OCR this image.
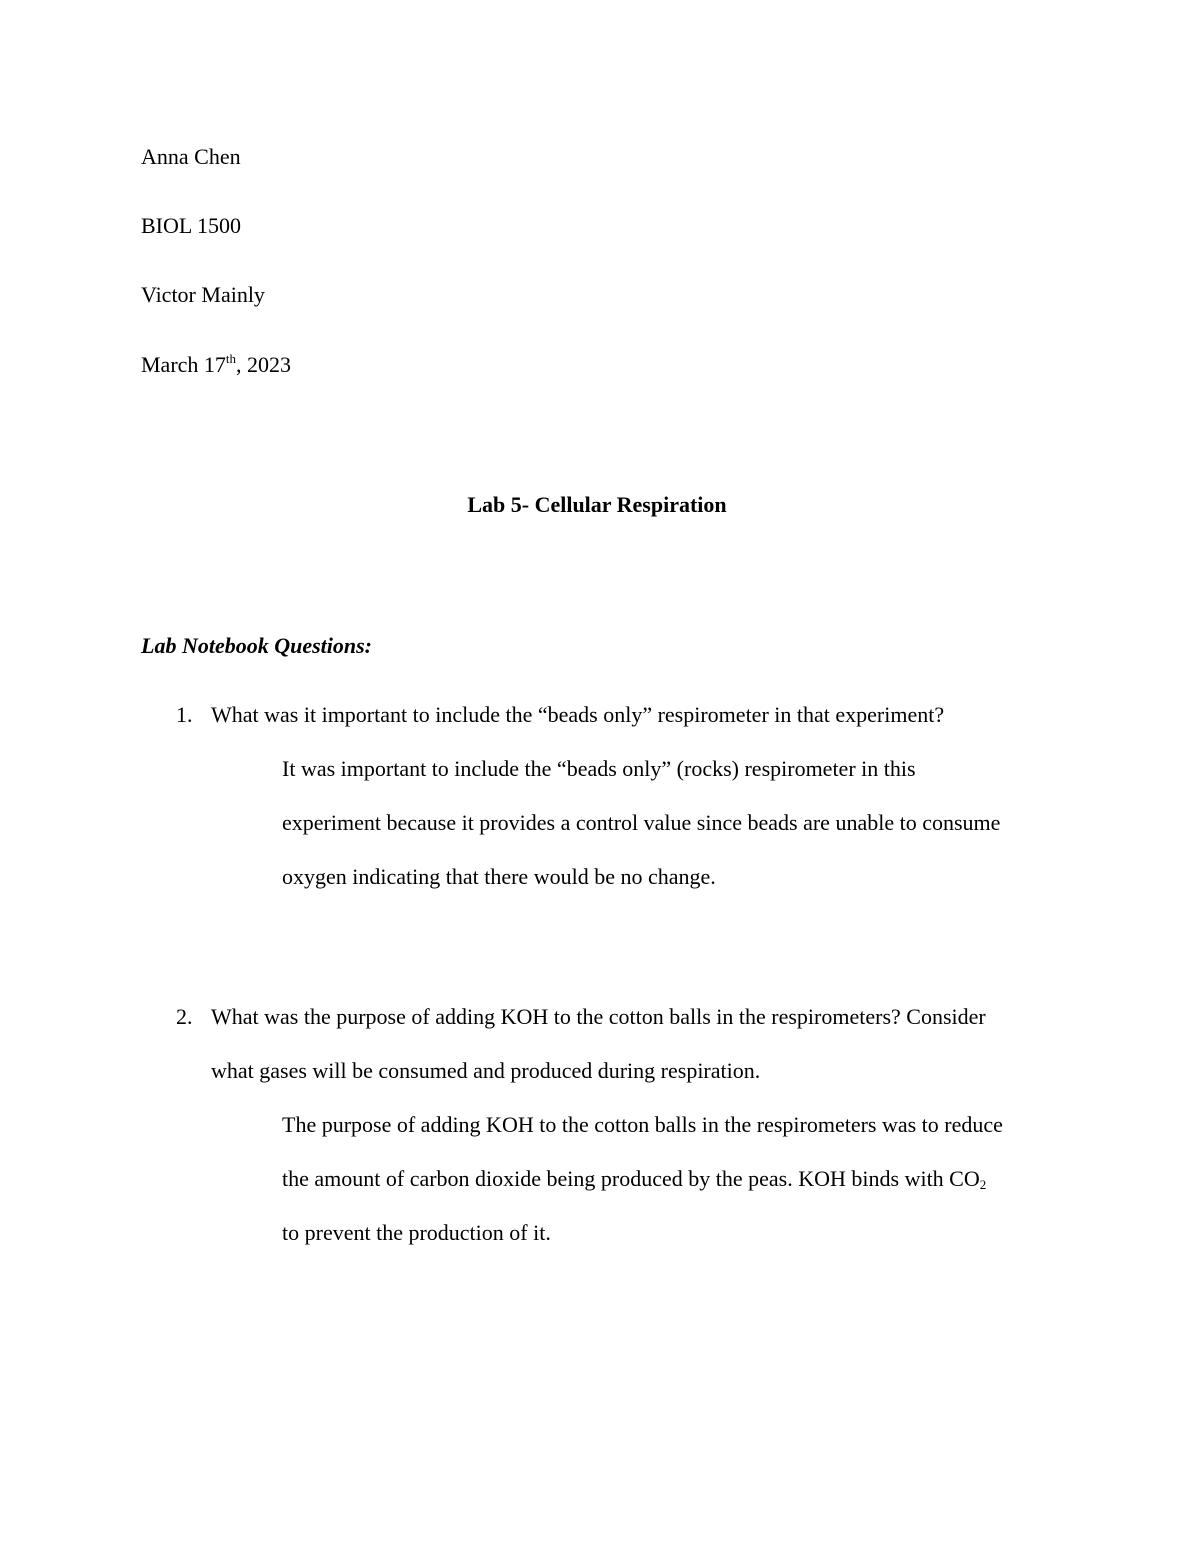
Anna Chen
BIOL 1500
Victor Mainly
March 17th, 2023
Lab 5- Cellular Respiration
Lab Notebook Questions:
1. What was it important to include the “beads only” respirometer in that experiment?
It was important to include the “beads only” (rocks) respirometer in this
experiment because it provides a control value since beads are unable to consume
oxygen indicating that there would be no change.
2. What was the purpose of adding KOH to the cotton balls in the respirometers? Consider
what gases will be consumed and produced during respiration.
The purpose of adding KOH to the cotton balls in the respirometers was to reduce
the amount of carbon dioxide being produced by the peas. KOH binds with $CO_2$
to prevent the production of it.
